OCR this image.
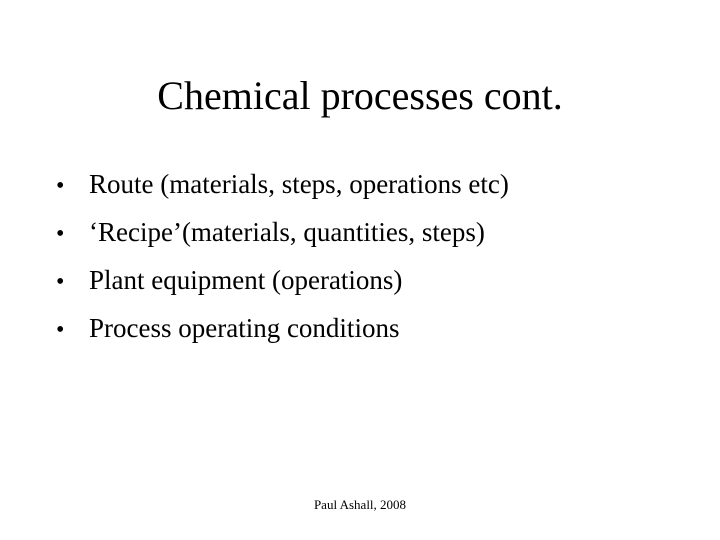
Chemical processes cont.
• Route (materials, steps, operations etc)
• ‘Recipe’(materials, quantities, steps)
• Plant equipment (operations)
• Process operating conditions
Paul Ashall, 2008
